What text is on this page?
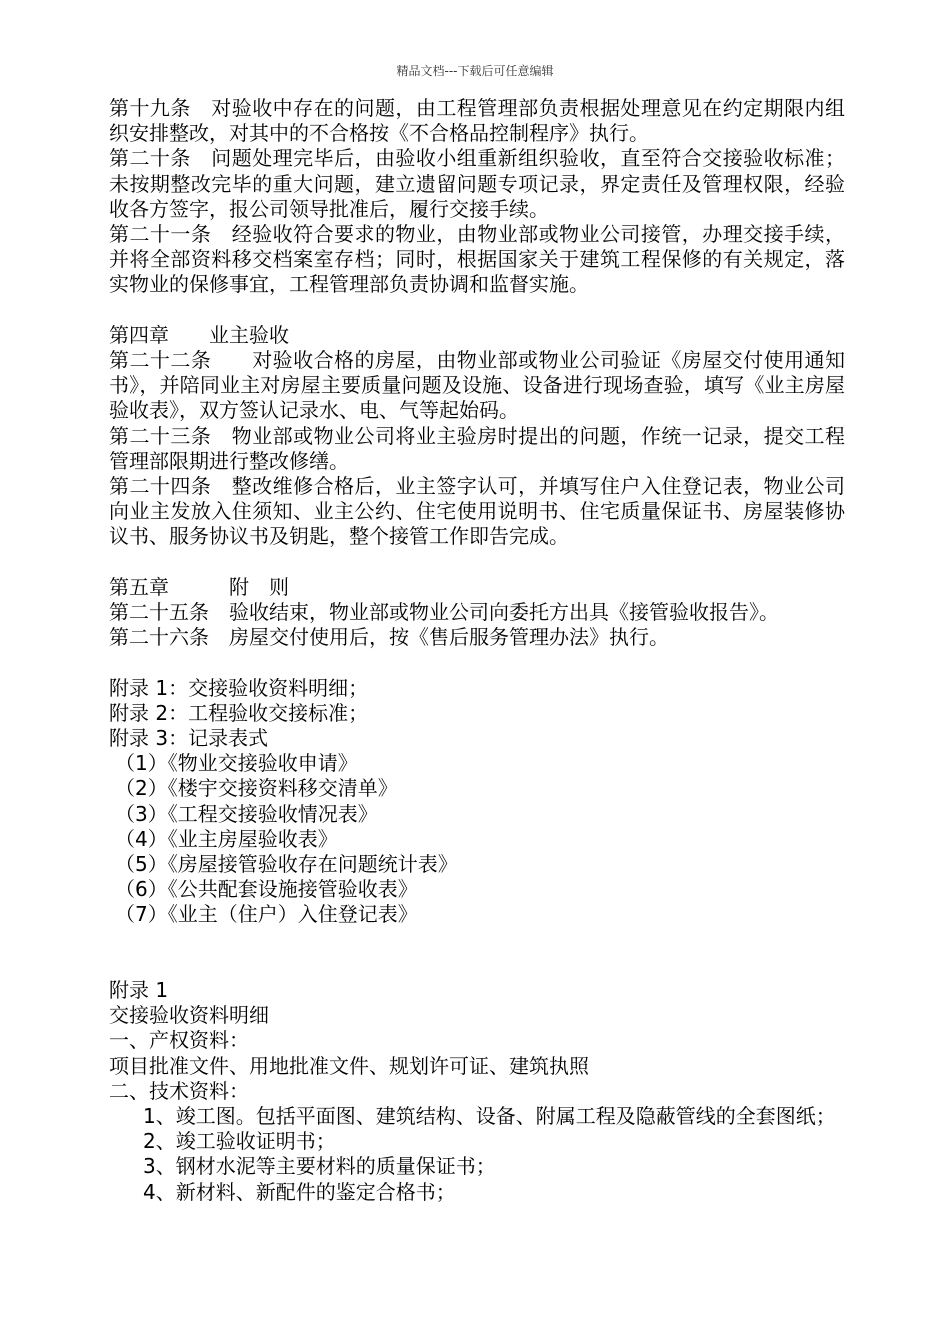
精品文档---下载后可任意编辑

第十九条　对验收中存在的问题，由工程管理部负责根据处理意见在约定期限内组织安排整改，对其中的不合格按《不合格品控制程序》执行。

第二十条　问题处理完毕后，由验收小组重新组织验收，直至符合交接验收标准；未按期整改完毕的重大问题，建立遗留问题专项记录，界定责任及管理权限，经验收各方签字，报公司领导批准后，履行交接手续。

第二十一条　经验收符合要求的物业，由物业部或物业公司接管，办理交接手续，并将全部资料移交档案室存档；同时，根据国家关于建筑工程保修的有关规定，落实物业的保修事宜，工程管理部负责协调和监督实施。

第四章　　业主验收

第二十二条　　对验收合格的房屋，由物业部或物业公司验证《房屋交付使用通知书》，并陪同业主对房屋主要质量问题及设施、设备进行现场查验，填写《业主房屋验收表》，双方签认记录水、电、气等起始码。

第二十三条　物业部或物业公司将业主验房时提出的问题，作统一记录，提交工程管理部限期进行整改修缮。

第二十四条　整改维修合格后，业主签字认可，并填写住户入住登记表，物业公司向业主发放入住须知、业主公约、住宅使用说明书、住宅质量保证书、房屋装修协议书、服务协议书及钥匙，整个接管工作即告完成。

第五章　　　附　则

第二十五条　验收结束，物业部或物业公司向委托方出具《接管验收报告》。

第二十六条　房屋交付使用后，按《售后服务管理办法》执行。

附录 1：交接验收资料明细；

附录 2：工程验收交接标准；

附录 3：记录表式

（1）《物业交接验收申请》

（2）《楼宇交接资料移交清单》

（3）《工程交接验收情况表》

（4）《业主房屋验收表》

（5）《房屋接管验收存在问题统计表》

（6）《公共配套设施接管验收表》

（7）《业主（住户）入住登记表》

附录 1

交接验收资料明细

一、产权资料：

项目批准文件、用地批准文件、规划许可证、建筑执照

二、技术资料：

1、竣工图。包括平面图、建筑结构、设备、附属工程及隐蔽管线的全套图纸；

2、竣工验收证明书；

3、钢材水泥等主要材料的质量保证书；

4、新材料、新配件的鉴定合格书；
